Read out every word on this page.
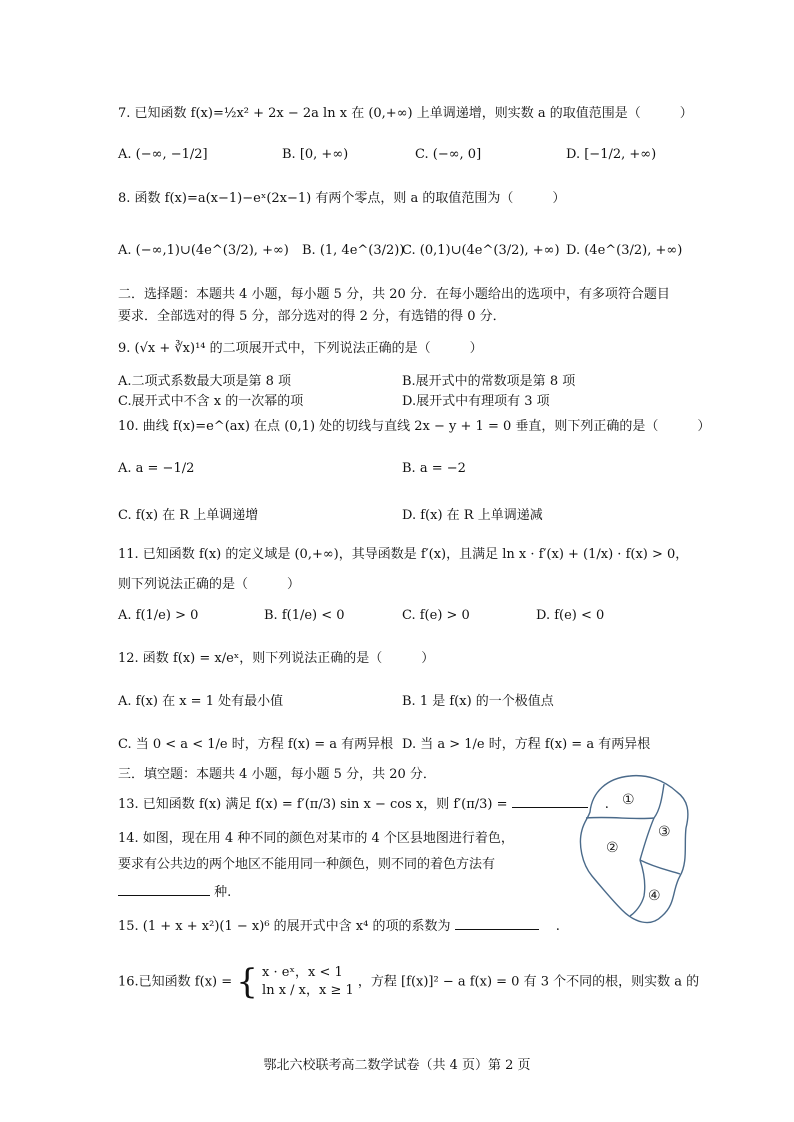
7. 已知函数 f(x)=½x² + 2x − 2a ln x 在 (0,+∞) 上单调递增，则实数 a 的取值范围是（　　　）
A. (−∞, −1/2]	B. [0, +∞)	C. (−∞, 0]	D. [−1/2, +∞)
8. 函数 f(x)=a(x−1)−eˣ(2x−1) 有两个零点，则 a 的取值范围为（　　　）
A. (−∞,1)∪(4e^(3/2), +∞) B. (1, 4e^(3/2))
C. (0,1)∪(4e^(3/2), +∞) D. (4e^(3/2), +∞)
二．选择题：本题共 4 小题，每小题 5 分，共 20 分．在每小题给出的选项中，有多项符合题目要求．全部选对的得 5 分，部分选对的得 2 分，有选错的得 0 分．
9. (√x + ∛x)¹⁴ 的二项展开式中，下列说法正确的是（　　　）
A.二项式系数最大项是第 8 项	B.展开式中的常数项是第 8 项
C.展开式中不含 x 的一次幂的项	D.展开式中有理项有 3 项
10. 曲线 f(x)=e^(ax) 在点 (0,1) 处的切线与直线 2x − y + 1 = 0 垂直，则下列正确的是（　　　）
A. a = −1/2	B. a = −2
C. f(x) 在 R 上单调递增	D. f(x) 在 R 上单调递减
11. 已知函数 f(x) 的定义域是 (0,+∞)，其导函数是 f′(x)，且满足 ln x · f′(x) + (1/x) · f(x) > 0，
则下列说法正确的是（　　　）
A. f(1/e) > 0	B. f(1/e) < 0	C. f(e) > 0	D. f(e) < 0
12. 函数 f(x) = x/eˣ，则下列说法正确的是（　　　）
A. f(x) 在 x = 1 处有最小值	B. 1 是 f(x) 的一个极值点
C. 当 0 < a < 1/e 时，方程 f(x) = a 有两异根 D. 当 a > 1/e 时，方程 f(x) = a 有两异根
三．填空题：本题共 4 小题，每小题 5 分，共 20 分．
13. 已知函数 f(x) 满足 f(x) = f′(π/3) sin x − cos x，则 f′(π/3) =	　.
14. 如图，现在用 4 种不同的颜色对某市的 4 个区县地图进行着色，
要求有公共边的两个地区不能用同一种颜色，则不同的着色方法有
种.
15. (1 + x + x²)(1 − x)⁶ 的展开式中含 x⁴ 的项的系数为	　.
16.已知函数 f(x) = { x · eˣ，x < 1
ln x / x，x ≥ 1
，方程 [f(x)]² − a f(x) = 0 有 3 个不同的根，则实数 a 的
①
②
③
④
鄂北六校联考高二数学试卷（共 4 页）第 2 页
